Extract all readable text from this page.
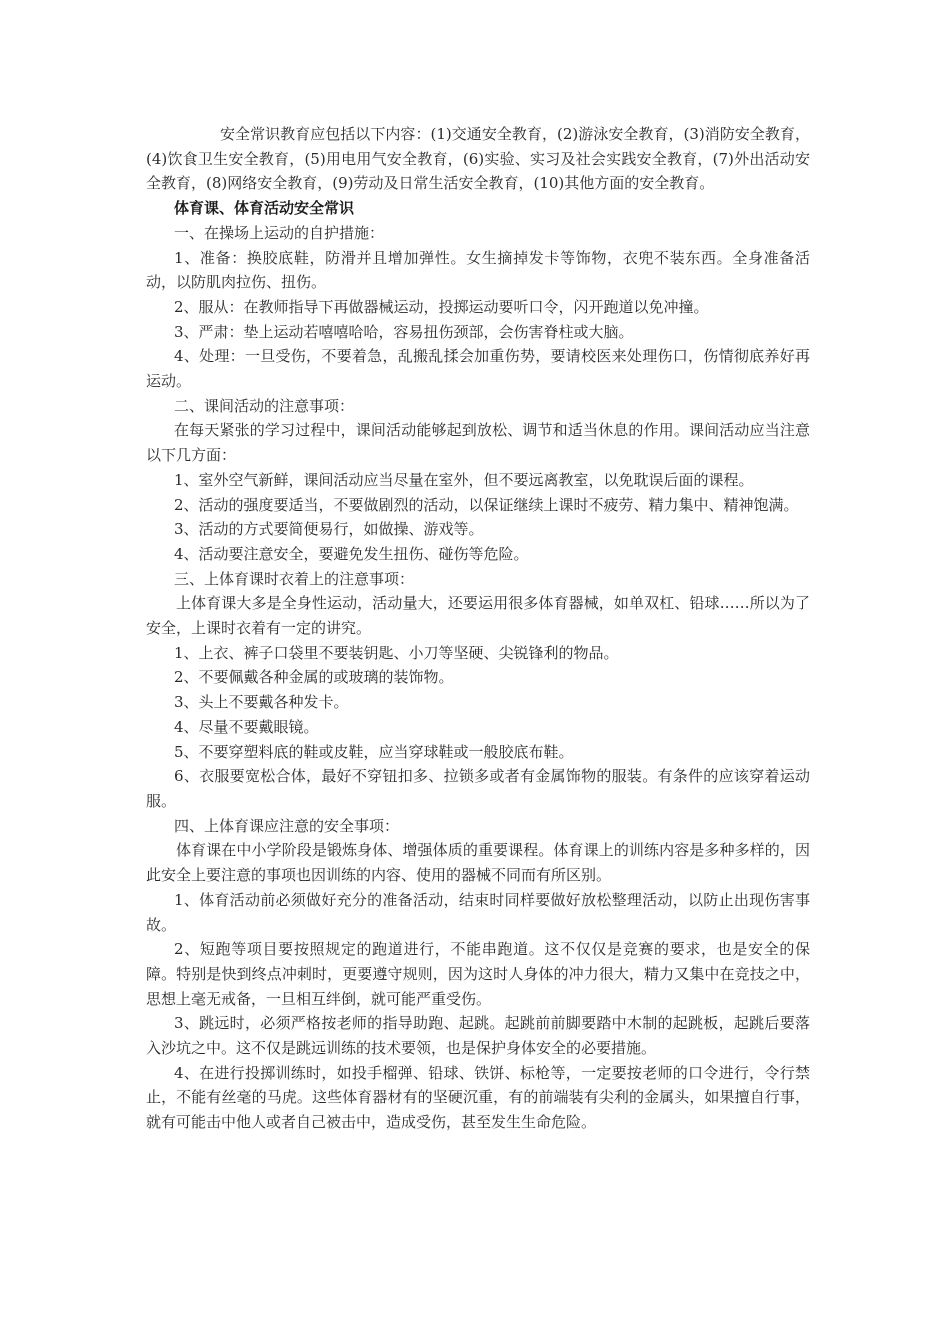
安全常识教育应包括以下内容：(1)交通安全教育，(2)游泳安全教育，(3)消防安全教育，(4)饮食卫生安全教育，(5)用电用气安全教育，(6)实验、实习及社会实践安全教育，(7)外出活动安全教育，(8)网络安全教育，(9)劳动及日常生活安全教育，(10)其他方面的安全教育。

体育课、体育活动安全常识

一、在操场上运动的自护措施：

1、准备：换胶底鞋，防滑并且增加弹性。女生摘掉发卡等饰物，衣兜不装东西。全身准备活动，以防肌肉拉伤、扭伤。

2、服从：在教师指导下再做器械运动，投掷运动要听口令，闪开跑道以免冲撞。

3、严肃：垫上运动若嘻嘻哈哈，容易扭伤颈部，会伤害脊柱或大脑。

4、处理：一旦受伤，不要着急，乱搬乱揉会加重伤势，要请校医来处理伤口，伤情彻底养好再运动。

二、课间活动的注意事项：

在每天紧张的学习过程中，课间活动能够起到放松、调节和适当休息的作用。课间活动应当注意以下几方面：

1、室外空气新鲜，课间活动应当尽量在室外，但不要远离教室，以免耽误后面的课程。

2、活动的强度要适当，不要做剧烈的活动，以保证继续上课时不疲劳、精力集中、精神饱满。

3、活动的方式要简便易行，如做操、游戏等。

4、活动要注意安全，要避免发生扭伤、碰伤等危险。

三、上体育课时衣着上的注意事项：

上体育课大多是全身性运动，活动量大，还要运用很多体育器械，如单双杠、铅球……所以为了安全，上课时衣着有一定的讲究。

1、上衣、裤子口袋里不要装钥匙、小刀等坚硬、尖锐锋利的物品。

2、不要佩戴各种金属的或玻璃的装饰物。

3、头上不要戴各种发卡。

4、尽量不要戴眼镜。

5、不要穿塑料底的鞋或皮鞋，应当穿球鞋或一般胶底布鞋。

6、衣服要宽松合体，最好不穿钮扣多、拉锁多或者有金属饰物的服装。有条件的应该穿着运动服。

四、上体育课应注意的安全事项：

体育课在中小学阶段是锻炼身体、增强体质的重要课程。体育课上的训练内容是多种多样的，因此安全上要注意的事项也因训练的内容、使用的器械不同而有所区别。

1、体育活动前必须做好充分的准备活动，结束时同样要做好放松整理活动，以防止出现伤害事故。

2、短跑等项目要按照规定的跑道进行，不能串跑道。这不仅仅是竞赛的要求，也是安全的保障。特别是快到终点冲刺时，更要遵守规则，因为这时人身体的冲力很大，精力又集中在竞技之中，思想上毫无戒备，一旦相互绊倒，就可能严重受伤。

3、跳远时，必须严格按老师的指导助跑、起跳。起跳前前脚要踏中木制的起跳板，起跳后要落入沙坑之中。这不仅是跳远训练的技术要领，也是保护身体安全的必要措施。

4、在进行投掷训练时，如投手榴弹、铅球、铁饼、标枪等，一定要按老师的口令进行，令行禁止，不能有丝毫的马虎。这些体育器材有的坚硬沉重，有的前端装有尖利的金属头，如果擅自行事，就有可能击中他人或者自己被击中，造成受伤，甚至发生生命危险。
